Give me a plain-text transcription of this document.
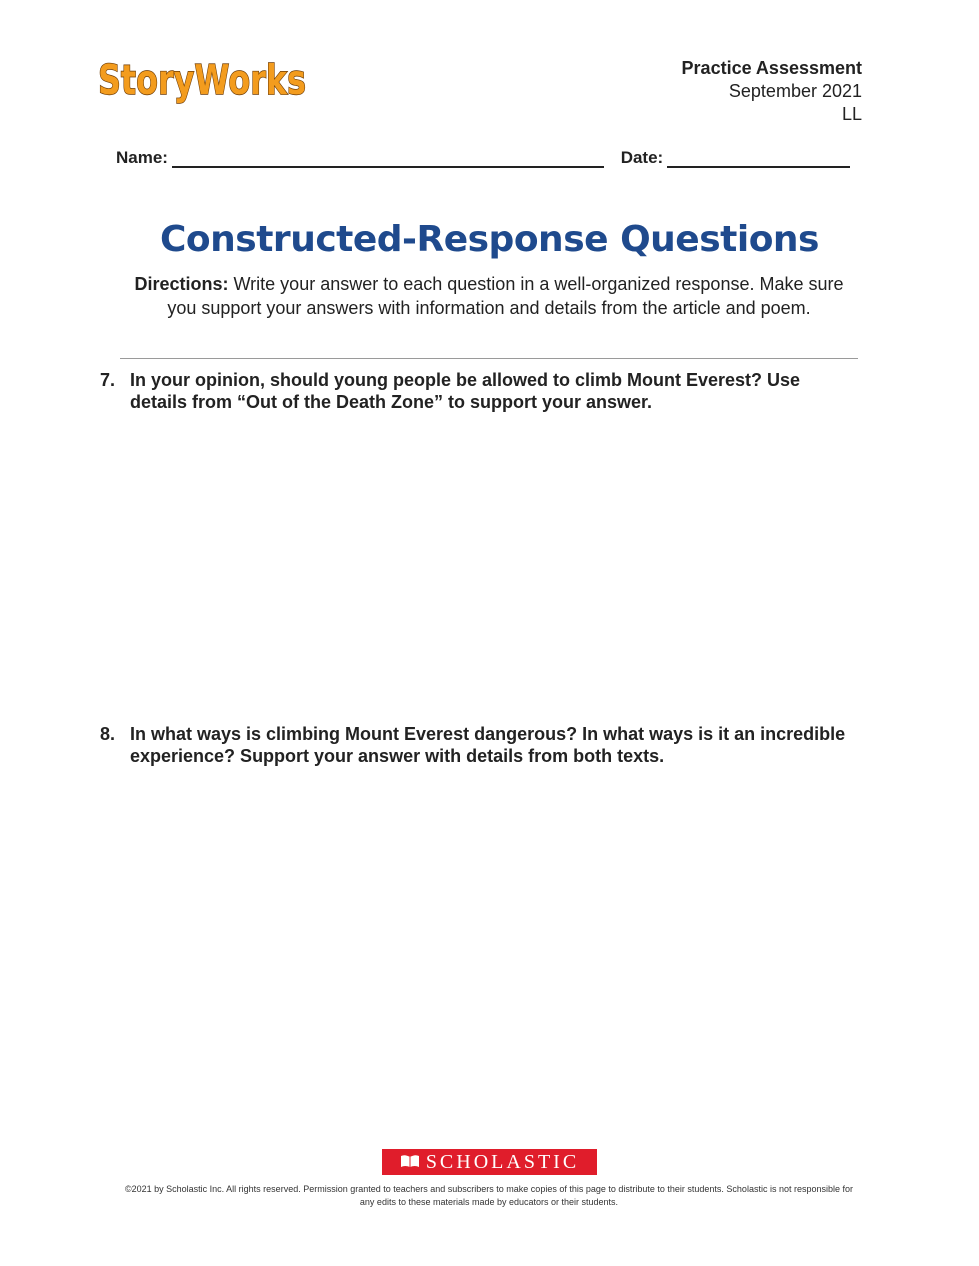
StoryWorks	Practice Assessment
September 2021
LL
Name:	Date:
Constructed-Response Questions
Directions: Write your answer to each question in a well-organized response. Make sure you support your answers with information and details from the article and poem.
7. In your opinion, should young people be allowed to climb Mount Everest? Use details from “Out of the Death Zone” to support your answer.
8. In what ways is climbing Mount Everest dangerous? In what ways is it an incredible experience? Support your answer with details from both texts.
SCHOLASTIC
©2021 by Scholastic Inc. All rights reserved. Permission granted to teachers and subscribers to make copies of this page to distribute to their students. Scholastic is not responsible for any edits to these materials made by educators or their students.
